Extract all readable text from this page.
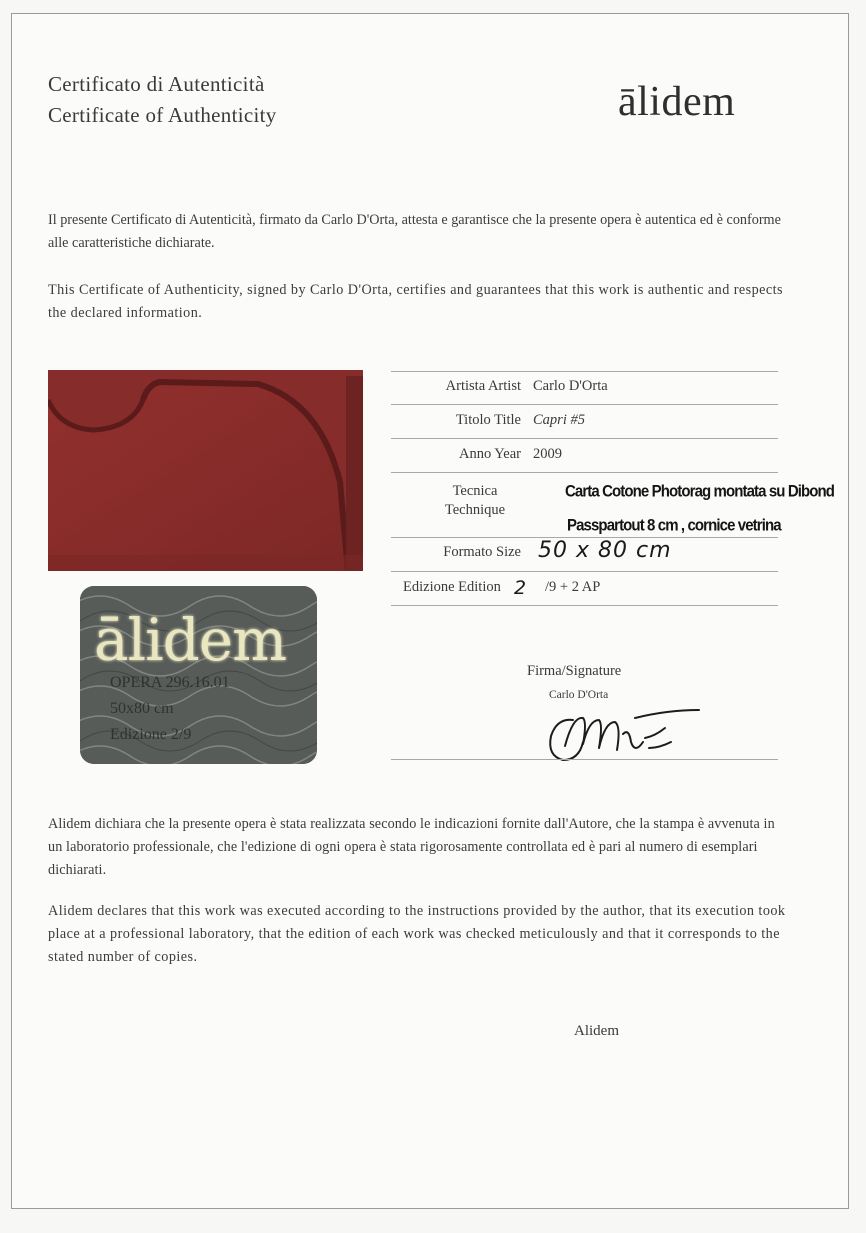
Certificato di Autenticità
Certificate of Authenticity	ālidem
Il presente Certificato di Autenticità, firmato da Carlo D'Orta, attesta e garantisce che la presente opera è autentica ed è conforme alle caratteristiche dichiarate.
This Certificate of Authenticity, signed by Carlo D'Orta, certifies and guarantees that this work is authentic and respects the declared information.
ālidem
OPERA 296.16.01
50x80 cm
Edizione 2/9
Artista Artist Carlo D'Orta
Titolo Title Capri #5
Anno Year 2009
Tecnica
Technique
Carta Cotone Photorag montata su Dibond
Passpartout 8 cm , cornice vetrina
Formato Size 50 x 80 cm
Edizione Edition 2 /9 + 2 AP
Firma/Signature
Carlo D'Orta
Alidem dichiara che la presente opera è stata realizzata secondo le indicazioni fornite dall'Autore, che la stampa è avvenuta in un laboratorio professionale, che l'edizione di ogni opera è stata rigorosamente controllata ed è pari al numero di esemplari dichiarati.
Alidem declares that this work was executed according to the instructions provided by the author, that its execution took place at a professional laboratory, that the edition of each work was checked meticulously and that it corresponds to the stated number of copies.
Alidem
